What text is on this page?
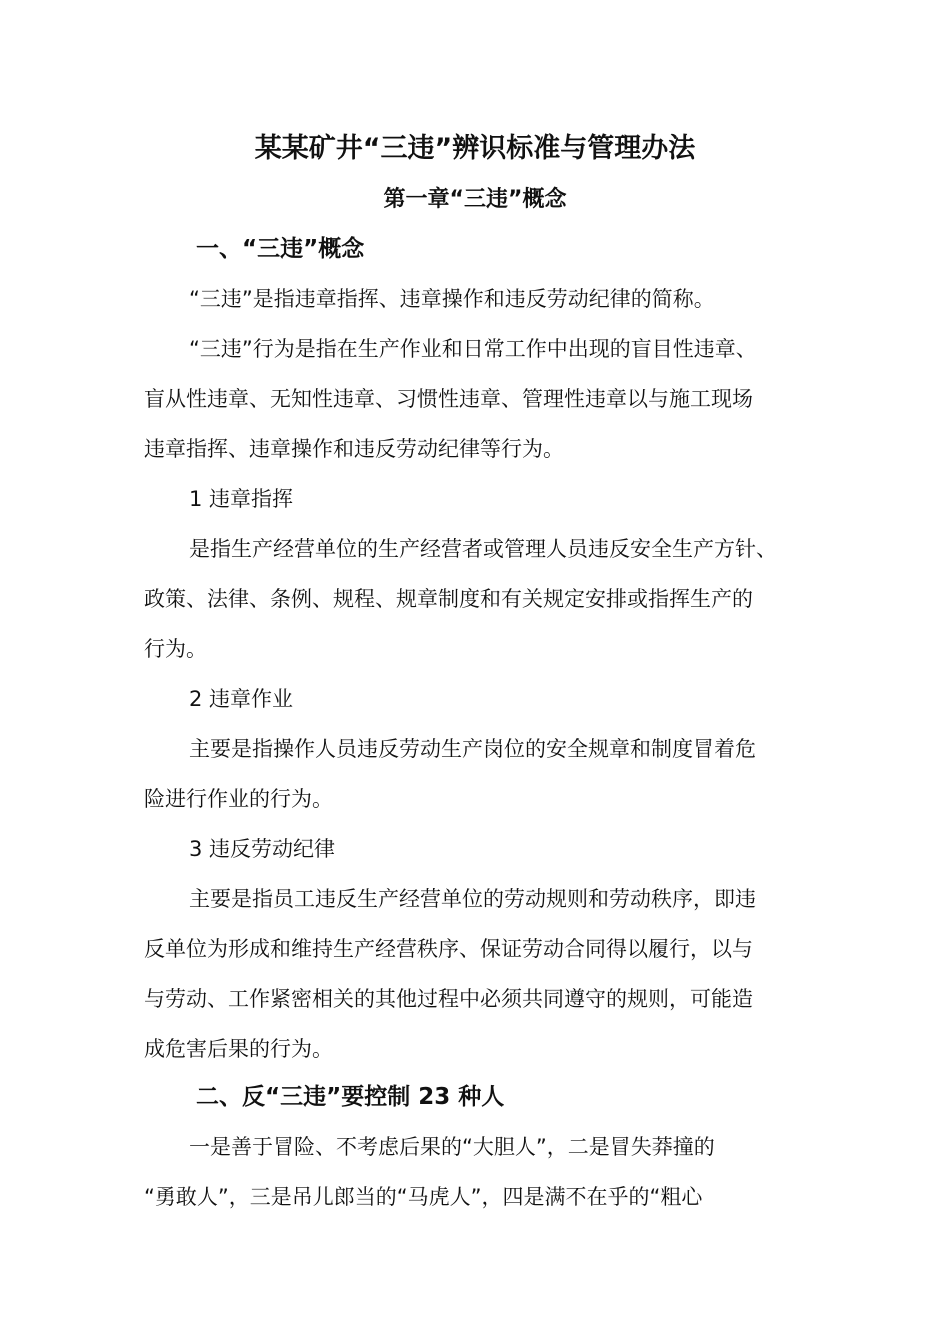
某某矿井“三违”辨识标准与管理办法
第一章“三违”概念
一、“三违”概念
“三违”是指违章指挥、违章操作和违反劳动纪律的简称。
“三违”行为是指在生产作业和日常工作中出现的盲目性违章、
盲从性违章、无知性违章、习惯性违章、管理性违章以与施工现场
违章指挥、违章操作和违反劳动纪律等行为。
1 违章指挥
是指生产经营单位的生产经营者或管理人员违反安全生产方针、
政策、法律、条例、规程、规章制度和有关规定安排或指挥生产的
行为。
2 违章作业
主要是指操作人员违反劳动生产岗位的安全规章和制度冒着危
险进行作业的行为。
3 违反劳动纪律
主要是指员工违反生产经营单位的劳动规则和劳动秩序，即违
反单位为形成和维持生产经营秩序、保证劳动合同得以履行，以与
与劳动、工作紧密相关的其他过程中必须共同遵守的规则，可能造
成危害后果的行为。
二、反“三违”要控制 23 种人
一是善于冒险、不考虑后果的“大胆人”，二是冒失莽撞的
“勇敢人”，三是吊儿郎当的“马虎人”，四是满不在乎的“粗心
